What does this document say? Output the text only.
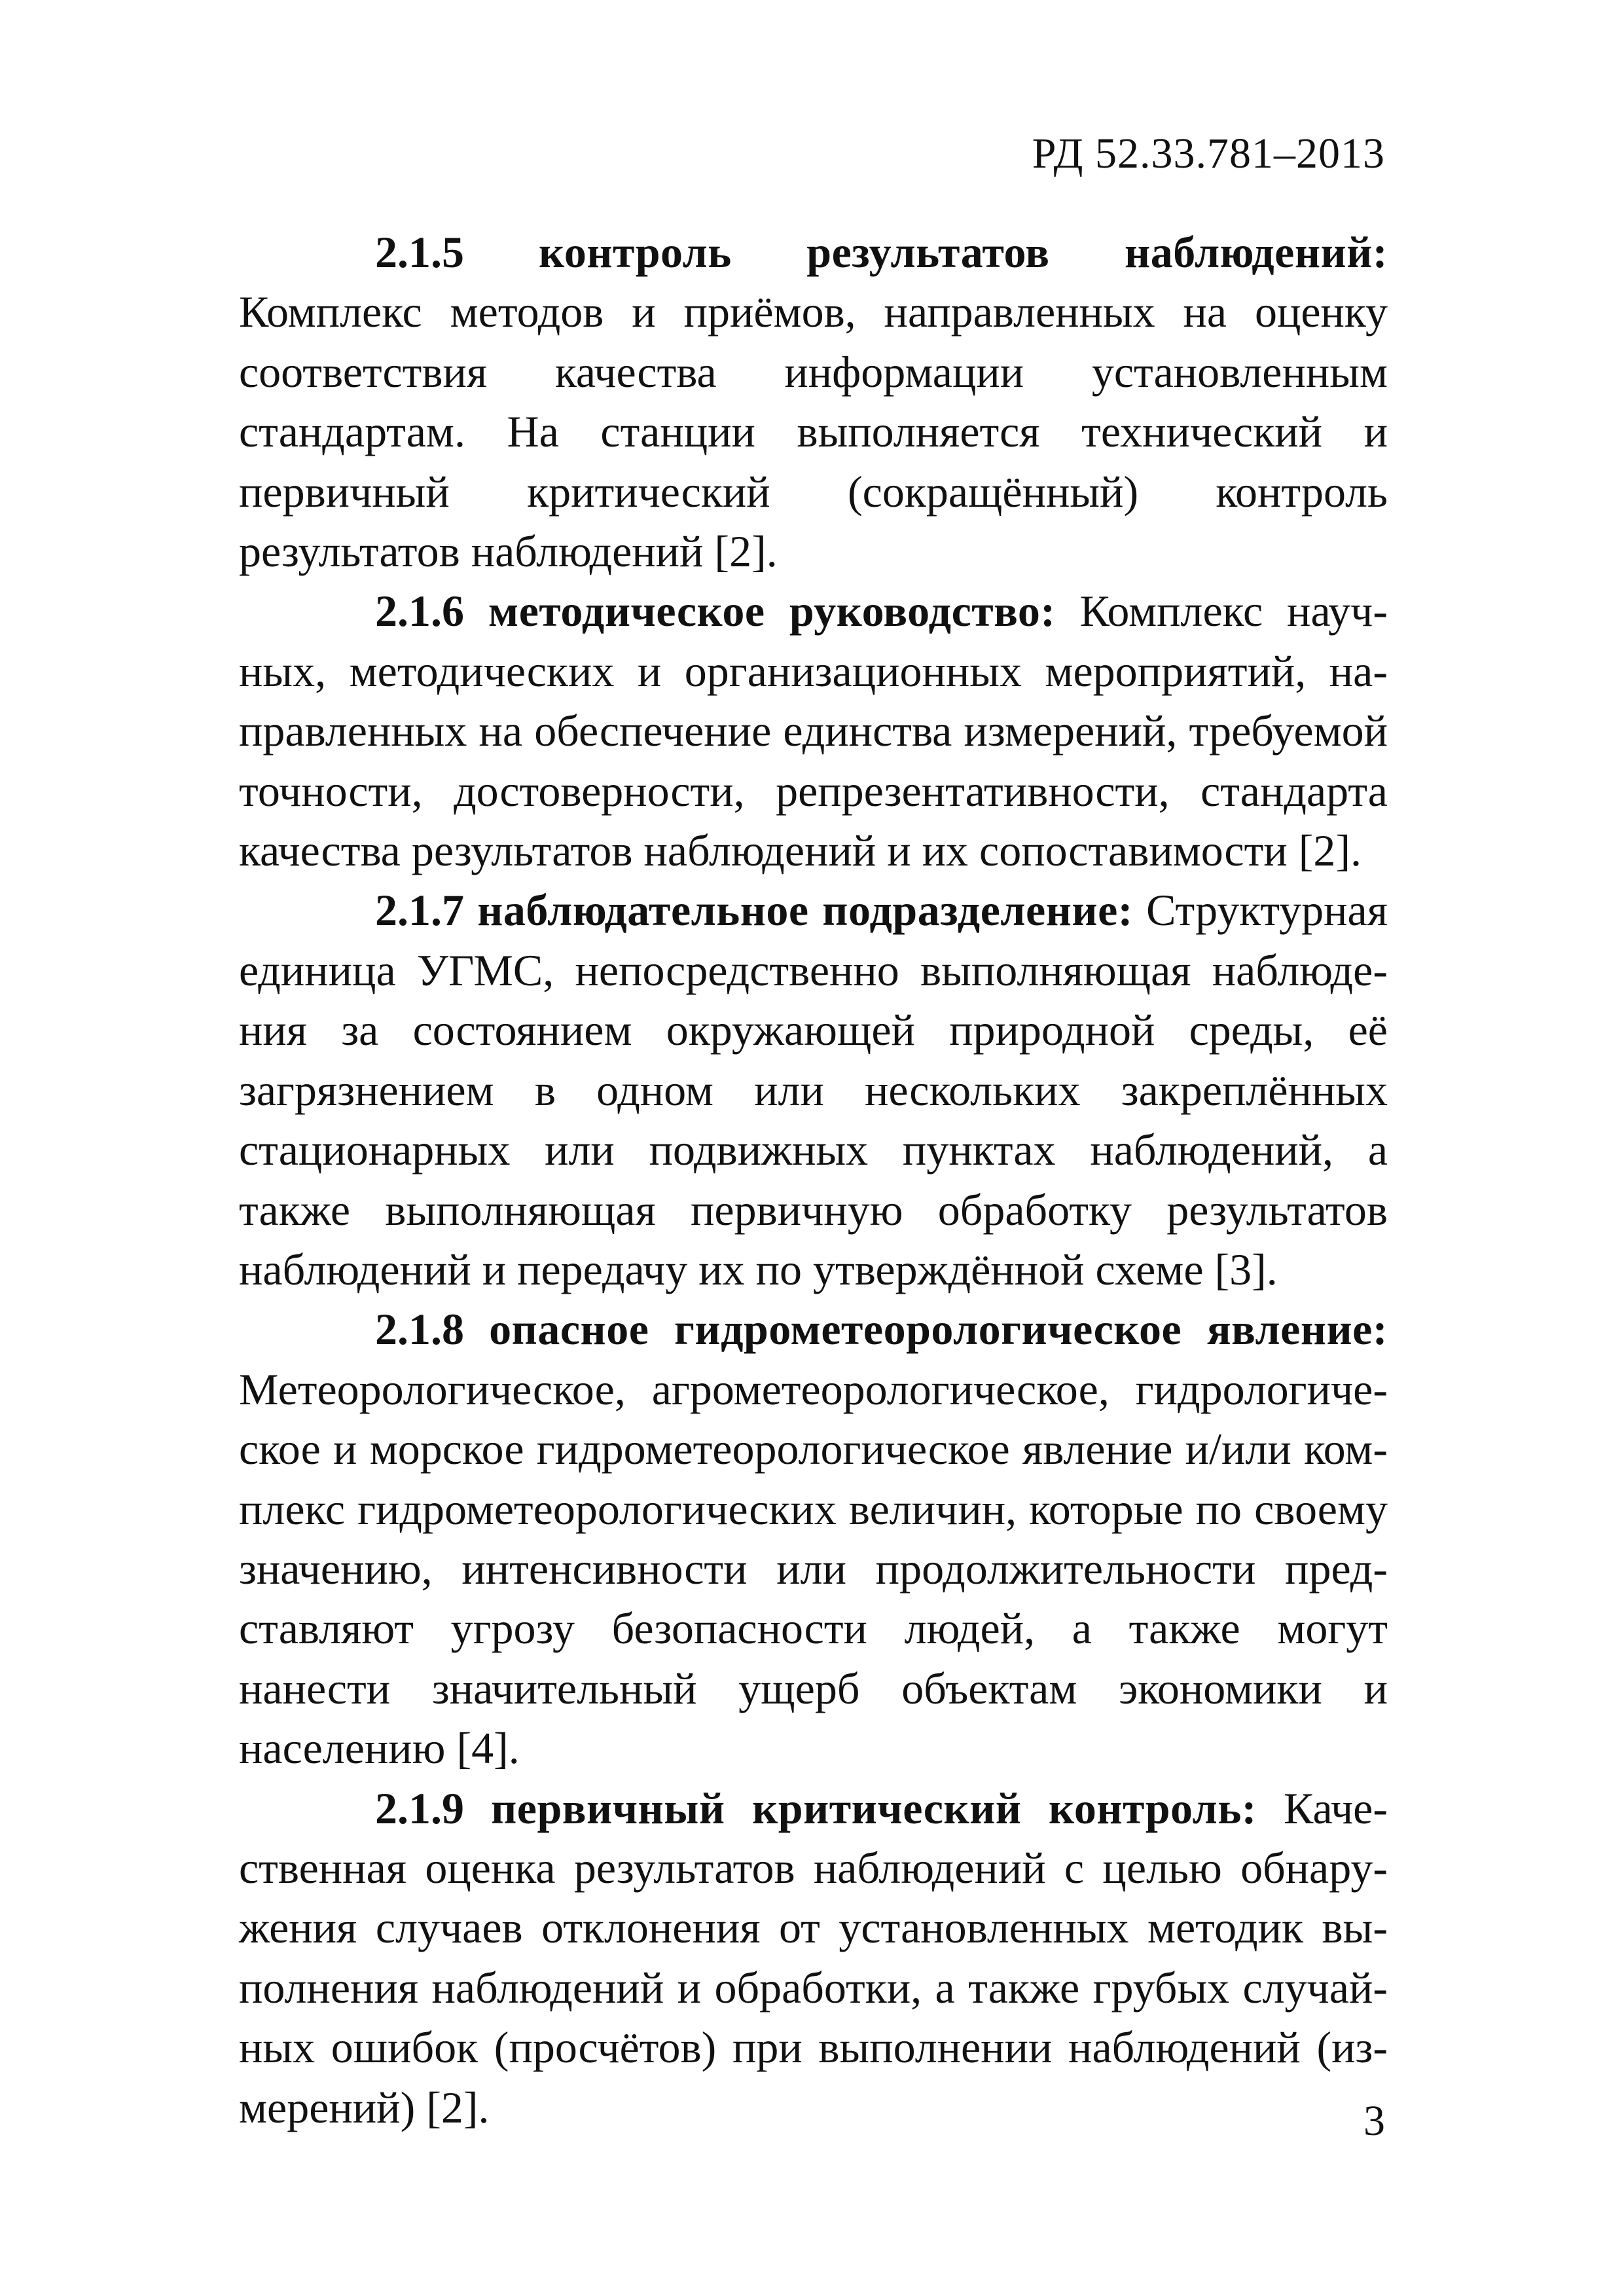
РД 52.33.781–2013

2.1.5 контроль результатов наблюдений: Комплекс методов и приёмов, направленных на оценку соответствия качества информации установленным стандартам. На станции выполняется технический и первичный критический (сокращённый) контроль результатов наблюдений [2].

2.1.6 методическое руководство: Комплекс научных, методических и организационных мероприятий, направленных на обеспечение единства измерений, требуемой точности, достоверности, репрезентативности, стандарта качества результатов наблюдений и их сопоставимости [2].

2.1.7 наблюдательное подразделение: Структурная единица УГМС, непосредственно выполняющая наблюдения за состоянием окружающей природной среды, её загрязнением в одном или нескольких закреплённых стационарных или подвижных пунктах наблюдений, а также выполняющая первичную обработку результатов наблюдений и передачу их по утверждённой схеме [3].

2.1.8 опасное гидрометеорологическое явление: Метеорологическое, агрометеорологическое, гидрологическое и морское гидрометеорологическое явление и/или комплекс гидрометеорологических величин, которые по своему значению, интенсивности или продолжительности представляют угрозу безопасности людей, а также могут нанести значительный ущерб объектам экономики и населению [4].

2.1.9 первичный критический контроль: Качественная оценка результатов наблюдений с целью обнаружения случаев отклонения от установленных методик выполнения наблюдений и обработки, а также грубых случайных ошибок (просчётов) при выполнении наблюдений (измерений) [2].	3
